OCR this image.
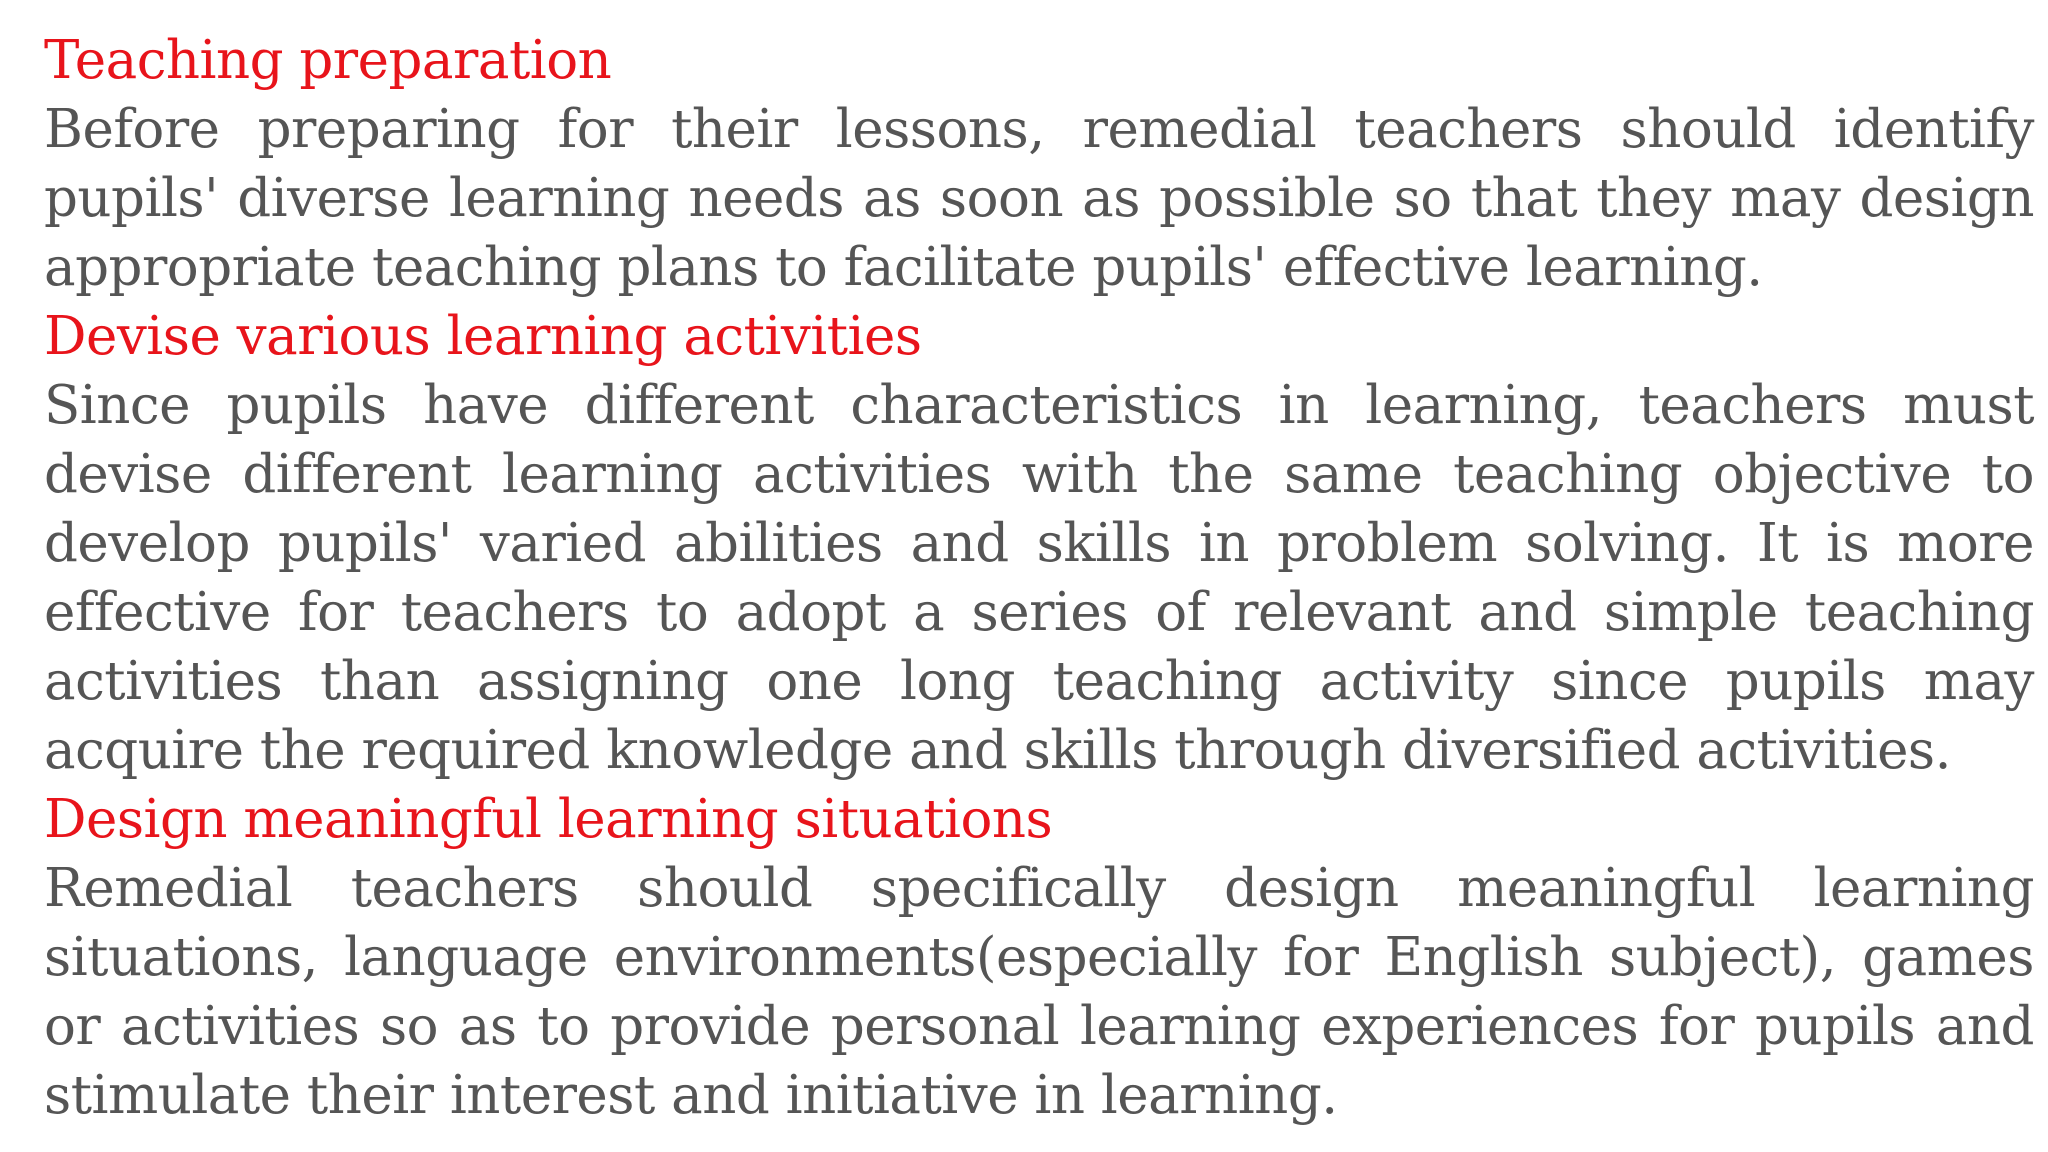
Teaching preparation

Before preparing for their lessons, remedial teachers should identify pupils' diverse learning needs as soon as possible so that they may design appropriate teaching plans to facilitate pupils' effective learning.

Devise various learning activities

Since pupils have different characteristics in learning, teachers must devise different learning activities with the same teaching objective to develop pupils' varied abilities and skills in problem solving. It is more effective for teachers to adopt a series of relevant and simple teaching activities than assigning one long teaching activity since pupils may acquire the required knowledge and skills through diversified activities.

Design meaningful learning situations

Remedial teachers should specifically design meaningful learning situations, language environments(especially for English subject), games or activities so as to provide personal learning experiences for pupils and stimulate their interest and initiative in learning.
